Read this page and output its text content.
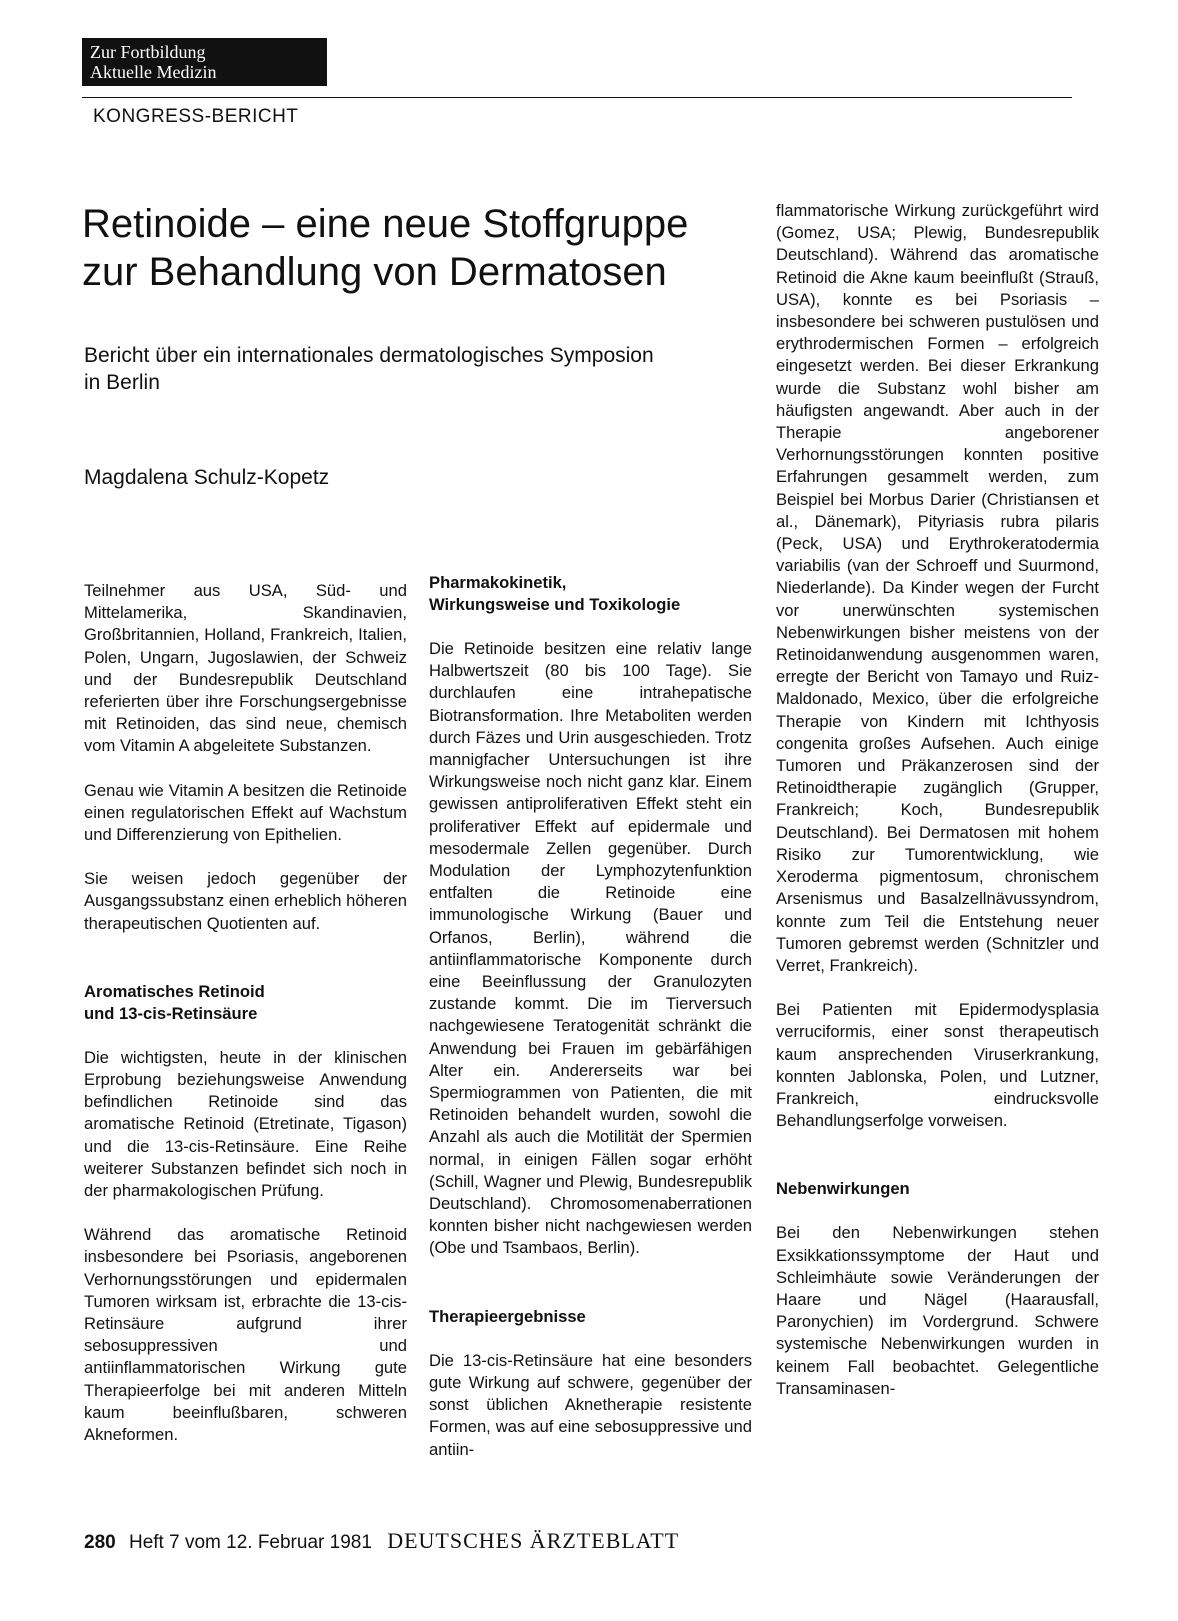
Zur Fortbildung
Aktuelle Medizin
KONGRESS-BERICHT
Retinoide – eine neue Stoffgruppe
zur Behandlung von Dermatosen
Bericht über ein internationales dermatologisches Symposion
in Berlin
Magdalena Schulz-Kopetz

Teilnehmer aus USA, Süd- und Mittelamerika, Skandinavien, Großbritannien, Holland, Frankreich, Italien, Polen, Ungarn, Jugoslawien, der Schweiz und der Bundesrepublik Deutschland referierten über ihre Forschungsergebnisse mit Retinoiden, das sind neue, chemisch vom Vitamin A abgeleitete Substanzen.

Genau wie Vitamin A besitzen die Retinoide einen regulatorischen Effekt auf Wachstum und Differenzierung von Epithelien.

Sie weisen jedoch gegenüber der Ausgangssubstanz einen erheblich höheren therapeutischen Quotienten auf.

Aromatisches Retinoid
und 13-cis-Retinsäure

Die wichtigsten, heute in der klinischen Erprobung beziehungsweise Anwendung befindlichen Retinoide sind das aromatische Retinoid (Etretinate, Tigason) und die 13-cis-Retinsäure. Eine Reihe weiterer Substanzen befindet sich noch in der pharmakologischen Prüfung.

Während das aromatische Retinoid insbesondere bei Psoriasis, angeborenen Verhornungsstörungen und epidermalen Tumoren wirksam ist, erbrachte die 13-cis-Retinsäure aufgrund ihrer sebosuppressiven und antiinflammatorischen Wirkung gute Therapieerfolge bei mit anderen Mitteln kaum beeinflußbaren, schweren Akneformen.

Pharmakokinetik,
Wirkungsweise und Toxikologie

Die Retinoide besitzen eine relativ lange Halbwertszeit (80 bis 100 Tage). Sie durchlaufen eine intrahepatische Biotransformation. Ihre Metaboliten werden durch Fäzes und Urin ausgeschieden. Trotz mannigfacher Untersuchungen ist ihre Wirkungsweise noch nicht ganz klar. Einem gewissen antiproliferativen Effekt steht ein proliferativer Effekt auf epidermale und mesodermale Zellen gegenüber. Durch Modulation der Lymphozytenfunktion entfalten die Retinoide eine immunologische Wirkung (Bauer und Orfanos, Berlin), während die antiinflammatorische Komponente durch eine Beeinflussung der Granulozyten zustande kommt. Die im Tierversuch nachgewiesene Teratogenität schränkt die Anwendung bei Frauen im gebärfähigen Alter ein. Andererseits war bei Spermiogrammen von Patienten, die mit Retinoiden behandelt wurden, sowohl die Anzahl als auch die Motilität der Spermien normal, in einigen Fällen sogar erhöht (Schill, Wagner und Plewig, Bundesrepublik Deutschland). Chromosomenaberrationen konnten bisher nicht nachgewiesen werden (Obe und Tsambaos, Berlin).

Therapieergebnisse

Die 13-cis-Retinsäure hat eine besonders gute Wirkung auf schwere, gegenüber der sonst üblichen Aknetherapie resistente Formen, was auf eine sebosuppressive und antiin-

flammatorische Wirkung zurückgeführt wird (Gomez, USA; Plewig, Bundesrepublik Deutschland). Während das aromatische Retinoid die Akne kaum beeinflußt (Strauß, USA), konnte es bei Psoriasis – insbesondere bei schweren pustulösen und erythrodermischen Formen – erfolgreich eingesetzt werden. Bei dieser Erkrankung wurde die Substanz wohl bisher am häufigsten angewandt. Aber auch in der Therapie angeborener Verhornungsstörungen konnten positive Erfahrungen gesammelt werden, zum Beispiel bei Morbus Darier (Christiansen et al., Dänemark), Pityriasis rubra pilaris (Peck, USA) und Erythrokeratodermia variabilis (van der Schroeff und Suurmond, Niederlande). Da Kinder wegen der Furcht vor unerwünschten systemischen Nebenwirkungen bisher meistens von der Retinoidanwendung ausgenommen waren, erregte der Bericht von Tamayo und Ruiz-Maldonado, Mexico, über die erfolgreiche Therapie von Kindern mit Ichthyosis congenita großes Aufsehen. Auch einige Tumoren und Präkanzerosen sind der Retinoidtherapie zugänglich (Grupper, Frankreich; Koch, Bundesrepublik Deutschland). Bei Dermatosen mit hohem Risiko zur Tumorentwicklung, wie Xeroderma pigmentosum, chronischem Arsenismus und Basalzellnävussyndrom, konnte zum Teil die Entstehung neuer Tumoren gebremst werden (Schnitzler und Verret, Frankreich).

Bei Patienten mit Epidermodysplasia verruciformis, einer sonst therapeutisch kaum ansprechenden Viruserkrankung, konnten Jablonska, Polen, und Lutzner, Frankreich, eindrucksvolle Behandlungserfolge vorweisen.

Nebenwirkungen

Bei den Nebenwirkungen stehen Exsikkationssymptome der Haut und Schleimhäute sowie Veränderungen der Haare und Nägel (Haarausfall, Paronychien) im Vordergrund. Schwere systemische Nebenwirkungen wurden in keinem Fall beobachtet. Gelegentliche Transaminasen-

280 Heft 7 vom 12. Februar 1981 DEUTSCHES ÄRZTEBLATT
